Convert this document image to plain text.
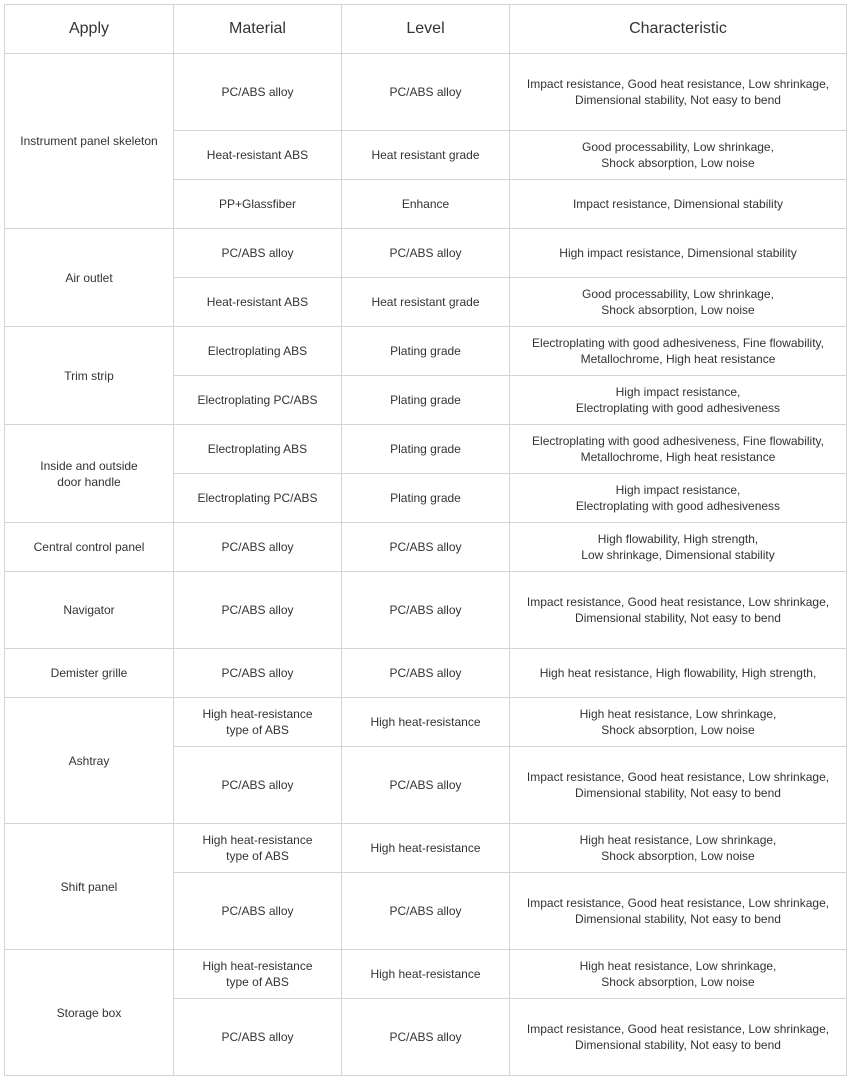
Apply	Material	Level	Characteristic
Instrument panel skeleton	PC/ABS alloy	PC/ABS alloy	Impact resistance, Good heat resistance, Low shrinkage,
Dimensional stability, Not easy to bend

	Heat-resistant ABS	Heat resistant grade	Good processability, Low shrinkage,
Shock absorption, Low noise

	PP+Glassfiber	Enhance	Impact resistance, Dimensional stability

Air outlet	PC/ABS alloy	PC/ABS alloy	High impact resistance, Dimensional stability

	Heat-resistant ABS	Heat resistant grade	Good processability, Low shrinkage,
Shock absorption, Low noise

Trim strip	Electroplating ABS	Plating grade	Electroplating with good adhesiveness, Fine flowability,
Metallochrome, High heat resistance

	Electroplating PC/ABS	Plating grade	High impact resistance,
Electroplating with good adhesiveness

Inside and outside
door handle	Electroplating ABS	Plating grade	Electroplating with good adhesiveness, Fine flowability,
Metallochrome, High heat resistance

	Electroplating PC/ABS	Plating grade	High impact resistance,
Electroplating with good adhesiveness

Central control panel	PC/ABS alloy	PC/ABS alloy	High flowability, High strength,
Low shrinkage, Dimensional stability

Navigator	PC/ABS alloy	PC/ABS alloy	Impact resistance, Good heat resistance, Low shrinkage,
Dimensional stability, Not easy to bend

Demister grille	PC/ABS alloy	PC/ABS alloy	High heat resistance, High flowability, High strength,

Ashtray	High heat-resistance
type of ABS	High heat-resistance	High heat resistance, Low shrinkage,
Shock absorption, Low noise

	PC/ABS alloy	PC/ABS alloy	Impact resistance, Good heat resistance, Low shrinkage,
Dimensional stability, Not easy to bend

Shift panel	High heat-resistance
type of ABS	High heat-resistance	High heat resistance, Low shrinkage,
Shock absorption, Low noise

	PC/ABS alloy	PC/ABS alloy	Impact resistance, Good heat resistance, Low shrinkage,
Dimensional stability, Not easy to bend

Storage box	High heat-resistance
type of ABS	High heat-resistance	High heat resistance, Low shrinkage,
Shock absorption, Low noise

	PC/ABS alloy	PC/ABS alloy	Impact resistance, Good heat resistance, Low shrinkage,
Dimensional stability, Not easy to bend
